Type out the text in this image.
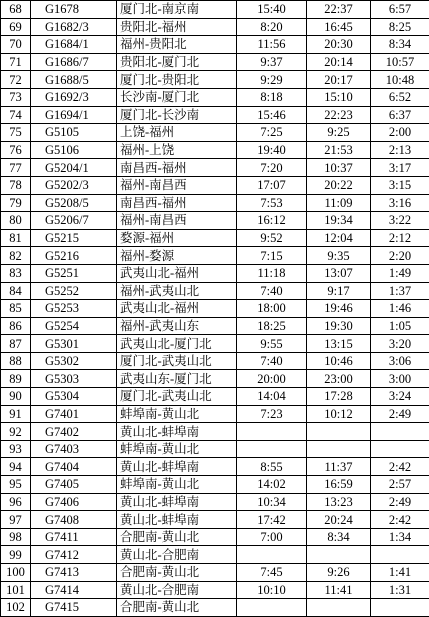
68	G1678	厦门北-南京南	15:40	22:37	6:57
69	G1682/3	贵阳北-福州	8:20	16:45	8:25
70	G1684/1	福州-贵阳北	11:56	20:30	8:34
71	G1686/7	贵阳北-厦门北	9:37	20:14	10:57
72	G1688/5	厦门北-贵阳北	9:29	20:17	10:48
73	G1692/3	长沙南-厦门北	8:18	15:10	6:52
74	G1694/1	厦门北-长沙南	15:46	22:23	6:37
75	G5105	上饶-福州	7:25	9:25	2:00
76	G5106	福州-上饶	19:40	21:53	2:13
77	G5204/1	南昌西-福州	7:20	10:37	3:17
78	G5202/3	福州-南昌西	17:07	20:22	3:15
79	G5208/5	南昌西-福州	7:53	11:09	3:16
80	G5206/7	福州-南昌西	16:12	19:34	3:22
81	G5215	婺源-福州	9:52	12:04	2:12
82	G5216	福州-婺源	7:15	9:35	2:20
83	G5251	武夷山北-福州	11:18	13:07	1:49
84	G5252	福州-武夷山北	7:40	9:17	1:37
85	G5253	武夷山北-福州	18:00	19:46	1:46
86	G5254	福州-武夷山东	18:25	19:30	1:05
87	G5301	武夷山北-厦门北	9:55	13:15	3:20
88	G5302	厦门北-武夷山北	7:40	10:46	3:06
89	G5303	武夷山东-厦门北	20:00	23:00	3:00
90	G5304	厦门北-武夷山北	14:04	17:28	3:24
91	G7401	蚌埠南-黄山北	7:23	10:12	2:49
92	G7402	黄山北-蚌埠南			
93	G7403	蚌埠南-黄山北			
94	G7404	黄山北-蚌埠南	8:55	11:37	2:42
95	G7405	蚌埠南-黄山北	14:02	16:59	2:57
96	G7406	黄山北-蚌埠南	10:34	13:23	2:49
97	G7408	黄山北-蚌埠南	17:42	20:24	2:42
98	G7411	合肥南-黄山北	7:00	8:34	1:34
99	G7412	黄山北-合肥南			
100	G7413	合肥南-黄山北	7:45	9:26	1:41
101	G7414	黄山北-合肥南	10:10	11:41	1:31
102	G7415	合肥南-黄山北			
